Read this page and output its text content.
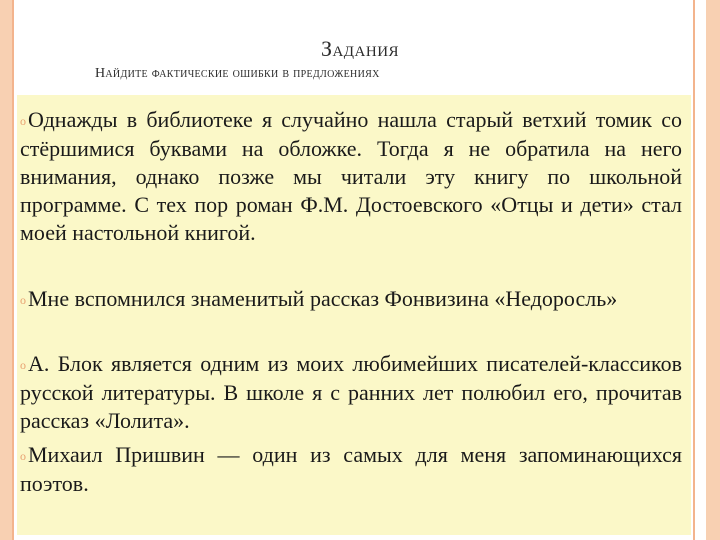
Задания
Найдите фактические ошибки в предложениях
oОднажды в библиотеке я случайно нашла старый ветхий томик со стёршимися буквами на обложке. Тогда я не обратила на него внимания, однако позже мы читали эту книгу по школьной программе. С тех пор роман Ф.М. Достоевского «Отцы и дети» стал моей настольной книгой.
oМне вспомнился знаменитый рассказ Фонвизина «Недоросль»
oА. Блок является одним из моих любимейших писателей-классиков русской литературы. В школе я с ранних лет полюбил его, прочитав рассказ «Лолита».
oМихаил Пришвин — один из самых для меня запоминающихся поэтов.
